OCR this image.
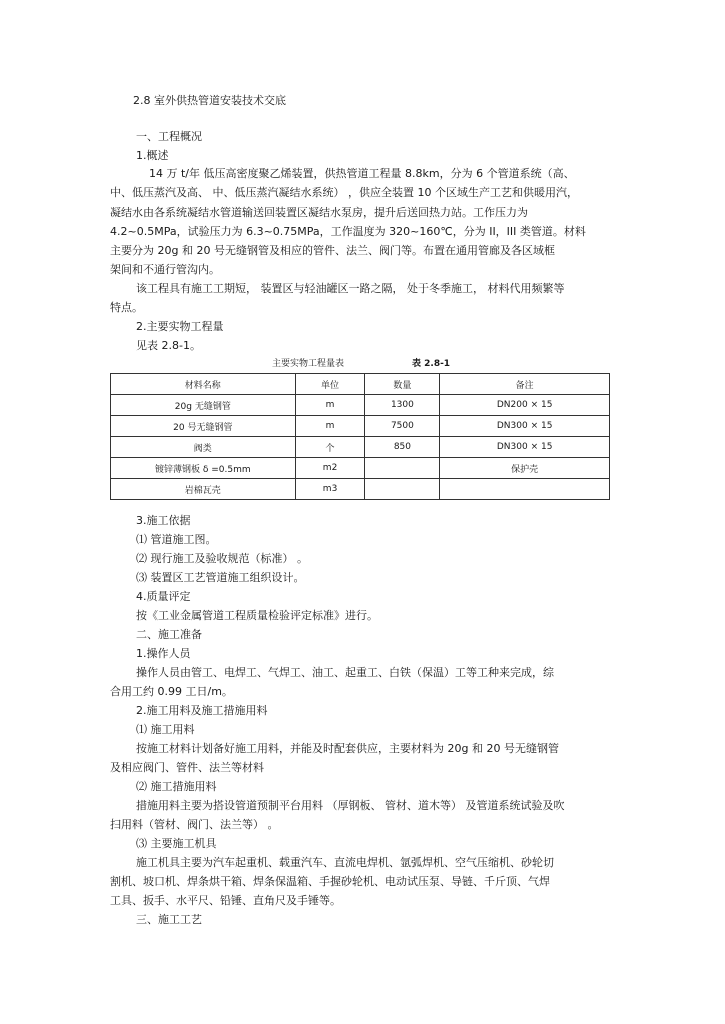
2.8 室外供热管道安装技术交底
一、工程概况
1.概述
14 万 t/年 低压高密度聚乙烯装置，供热管道工程量 8.8km，分为 6 个管道系统（高、
中、低压蒸汽及高、 中、低压蒸汽凝结水系统） ，供应全装置 10 个区域生产工艺和供暖用汽，
凝结水由各系统凝结水管道输送回装置区凝结水泵房，提升后送回热力站。工作压力为
4.2~0.5MPa，试验压力为 6.3~0.75MPa，工作温度为 320~160℃，分为 II，III 类管道。材料
主要分为 20g 和 20 号无缝钢管及相应的管件、法兰、阀门等。布置在通用管廊及各区域框
架间和不通行管沟内。
该工程具有施工工期短， 装置区与轻油罐区一路之隔， 处于冬季施工， 材料代用频繁等
特点。
2.主要实物工程量
见表 2.8-1。
主要实物工程量表	表 2.8-1
材料名称	单位	数量	备注
20g 无缝钢管	m	1300	DN200 × 15
20 号无缝钢管	m	7500	DN300 × 15
阀类	个	850	DN300 × 15
镀锌薄钢板 δ =0.5mm	m2		保护壳
岩棉瓦壳	m3		
3.施工依据
⑴ 管道施工图。
⑵ 现行施工及验收规范（标准） 。
⑶ 装置区工艺管道施工组织设计。
4.质量评定
按《工业金属管道工程质量检验评定标准》进行。
二、施工准备
1.操作人员
操作人员由管工、电焊工、气焊工、油工、起重工、白铁（保温）工等工种来完成，综
合用工约 0.99 工日/m。
2.施工用料及施工措施用料
⑴ 施工用料
按施工材料计划备好施工用料，并能及时配套供应，主要材料为 20g 和 20 号无缝钢管
及相应阀门、管件、法兰等材料
⑵ 施工措施用料
措施用料主要为搭设管道预制平台用料 （厚钢板、 管材、道木等） 及管道系统试验及吹
扫用料（管材、阀门、法兰等） 。
⑶ 主要施工机具
施工机具主要为汽车起重机、载重汽车、直流电焊机、氩弧焊机、空气压缩机、砂轮切
割机、坡口机、焊条烘干箱、焊条保温箱、手握砂轮机、电动试压泵、导链、千斤顶、气焊
工具、扳手、水平尺、铅锤、直角尺及手锤等。
三、施工工艺
